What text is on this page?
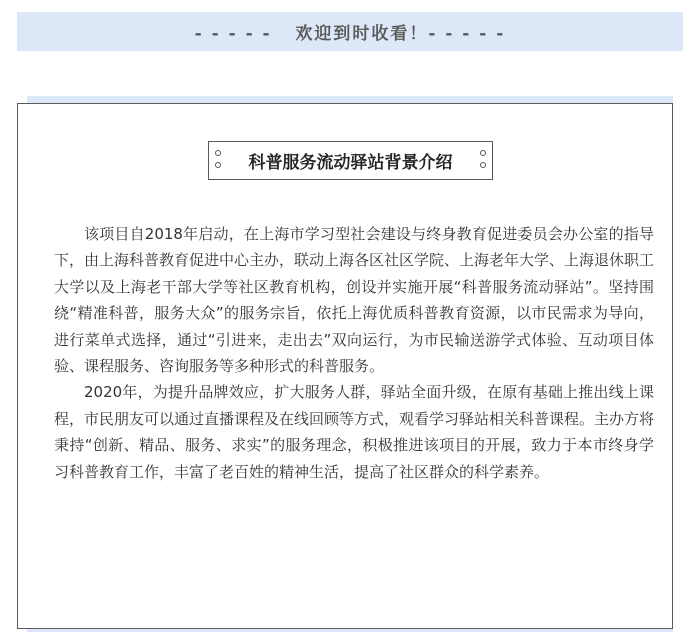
- - - - -   欢迎到时收看！- - - - -
科普服务流动驿站背景介绍

该项目自2018年启动，在上海市学习型社会建设与终身教育促进委员会办公室的指导下，由上海科普教育促进中心主办，联动上海各区社区学院、上海老年大学、上海退休职工大学以及上海老干部大学等社区教育机构，创设并实施开展“科普服务流动驿站”。坚持围绕“精准科普，服务大众”的服务宗旨，依托上海优质科普教育资源，以市民需求为导向，进行菜单式选择，通过“引进来，走出去”双向运行，为市民输送游学式体验、互动项目体验、课程服务、咨询服务等多种形式的科普服务。

2020年，为提升品牌效应，扩大服务人群，驿站全面升级，在原有基础上推出线上课程，市民朋友可以通过直播课程及在线回顾等方式，观看学习驿站相关科普课程。主办方将秉持“创新、精品、服务、求实”的服务理念，积极推进该项目的开展，致力于本市终身学习科普教育工作，丰富了老百姓的精神生活，提高了社区群众的科学素养。
